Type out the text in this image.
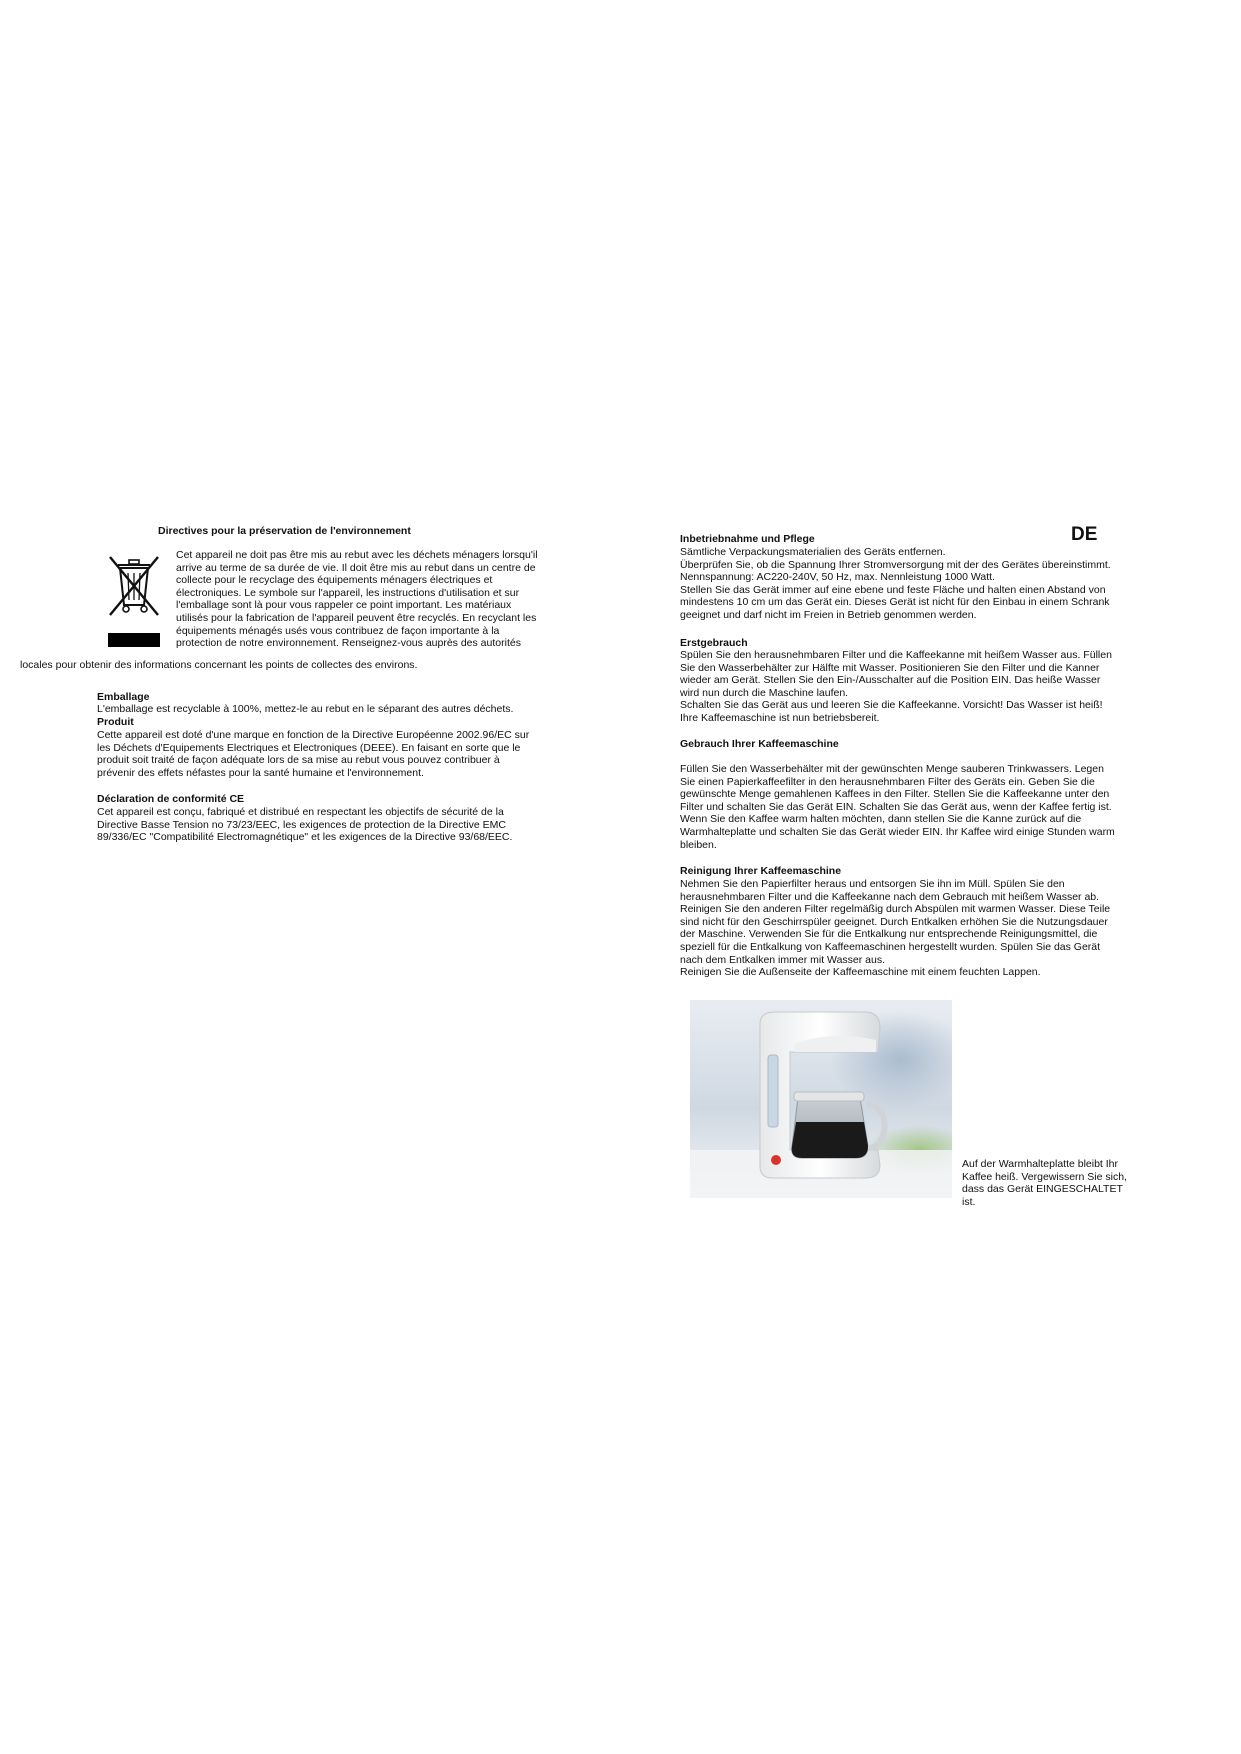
Directives pour la préservation de l'environnement
Cet appareil ne doit pas être mis au rebut avec les déchets ménagers lorsqu'il
arrive au terme de sa durée de vie. Il doit être mis au rebut dans un centre de
collecte pour le recyclage des équipements ménagers électriques et
électroniques. Le symbole sur l'appareil, les instructions d'utilisation et sur
l'emballage sont là pour vous rappeler ce point important. Les matériaux
utilisés pour la fabrication de l'appareil peuvent être recyclés. En recyclant les
équipements ménagés usés vous contribuez de façon importante à la
protection de notre environnement. Renseignez-vous auprès des autorités
locales pour obtenir des informations concernant les points de collectes des environs.
Emballage
L'emballage est recyclable à 100%, mettez-le au rebut en le séparant des autres déchets.
Produit
Cette appareil est doté d'une marque en fonction de la Directive Européenne 2002.96/EC sur
les Déchets d'Equipements Electriques et Electroniques (DEEE). En faisant en sorte que le
produit soit traité de façon adéquate lors de sa mise au rebut vous pouvez contribuer à
prévenir des effets néfastes pour la santé humaine et l'environnement.
Déclaration de conformité CE
Cet appareil est conçu, fabriqué et distribué en respectant les objectifs de sécurité de la
Directive Basse Tension no 73/23/EEC, les exigences de protection de la Directive EMC
89/336/EC "Compatibilité Electromagnétique" et les exigences de la Directive 93/68/EEC.
DE
Inbetriebnahme und Pflege
Sämtliche Verpackungsmaterialien des Geräts entfernen.
Überprüfen Sie, ob die Spannung Ihrer Stromversorgung mit der des Gerätes übereinstimmt.
Nennspannung: AC220-240V, 50 Hz, max. Nennleistung 1000 Watt.
Stellen Sie das Gerät immer auf eine ebene und feste Fläche und halten einen Abstand von
mindestens 10 cm um das Gerät ein. Dieses Gerät ist nicht für den Einbau in einem Schrank
geeignet und darf nicht im Freien in Betrieb genommen werden.
Erstgebrauch
Spülen Sie den herausnehmbaren Filter und die Kaffeekanne mit heißem Wasser aus. Füllen
Sie den Wasserbehälter zur Hälfte mit Wasser. Positionieren Sie den Filter und die Kanner
wieder am Gerät. Stellen Sie den Ein-/Ausschalter auf die Position EIN. Das heiße Wasser
wird nun durch die Maschine laufen.
Schalten Sie das Gerät aus und leeren Sie die Kaffeekanne. Vorsicht! Das Wasser ist heiß!
Ihre Kaffeemaschine ist nun betriebsbereit.
Gebrauch Ihrer Kaffeemaschine
Füllen Sie den Wasserbehälter mit der gewünschten Menge sauberen Trinkwassers. Legen
Sie einen Papierkaffeefilter in den herausnehmbaren Filter des Geräts ein. Geben Sie die
gewünschte Menge gemahlenen Kaffees in den Filter. Stellen Sie die Kaffeekanne unter den
Filter und schalten Sie das Gerät EIN. Schalten Sie das Gerät aus, wenn der Kaffee fertig ist.
Wenn Sie den Kaffee warm halten möchten, dann stellen Sie die Kanne zurück auf die
Warmhalteplatte und schalten Sie das Gerät wieder EIN. Ihr Kaffee wird einige Stunden warm
bleiben.
Reinigung Ihrer Kaffeemaschine
Nehmen Sie den Papierfilter heraus und entsorgen Sie ihn im Müll. Spülen Sie den
herausnehmbaren Filter und die Kaffeekanne nach dem Gebrauch mit heißem Wasser ab.
Reinigen Sie den anderen Filter regelmäßig durch Abspülen mit warmen Wasser. Diese Teile
sind nicht für den Geschirrspüler geeignet. Durch Entkalken erhöhen Sie die Nutzungsdauer
der Maschine. Verwenden Sie für die Entkalkung nur entsprechende Reinigungsmittel, die
speziell für die Entkalkung von Kaffeemaschinen hergestellt wurden. Spülen Sie das Gerät
nach dem Entkalken immer mit Wasser aus.
Reinigen Sie die Außenseite der Kaffeemaschine mit einem feuchten Lappen.
Auf der Warmhalteplatte bleibt Ihr
Kaffee heiß. Vergewissern Sie sich,
dass das Gerät EINGESCHALTET
ist.
